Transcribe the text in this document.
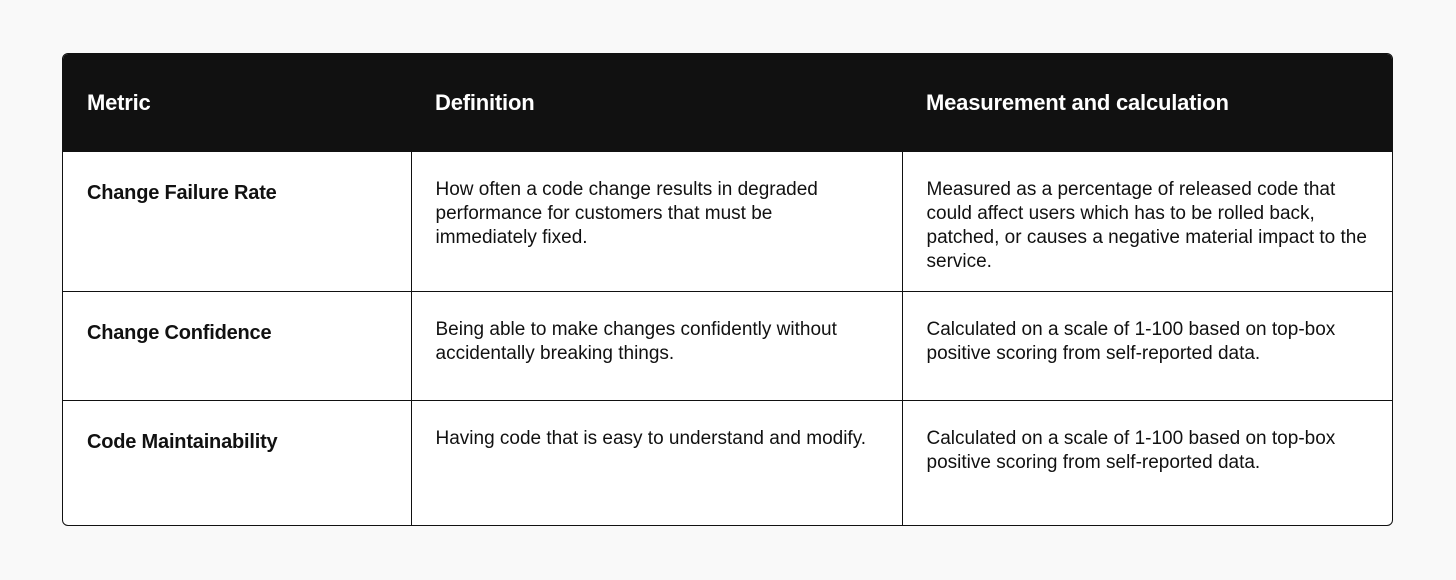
Metric	Definition	Measurement and calculation
Change Failure Rate	How often a code change results in degraded performance for customers that must be immediately fixed.	Measured as a percentage of released code that could affect users which has to be rolled back, patched, or causes a negative material impact to the service.
Change Confidence	Being able to make changes confidently without accidentally breaking things.	Calculated on a scale of 1-100 based on top-box positive scoring from self-reported data.
Code Maintainability	Having code that is easy to understand and modify.	Calculated on a scale of 1-100 based on top-box positive scoring from self-reported data.
